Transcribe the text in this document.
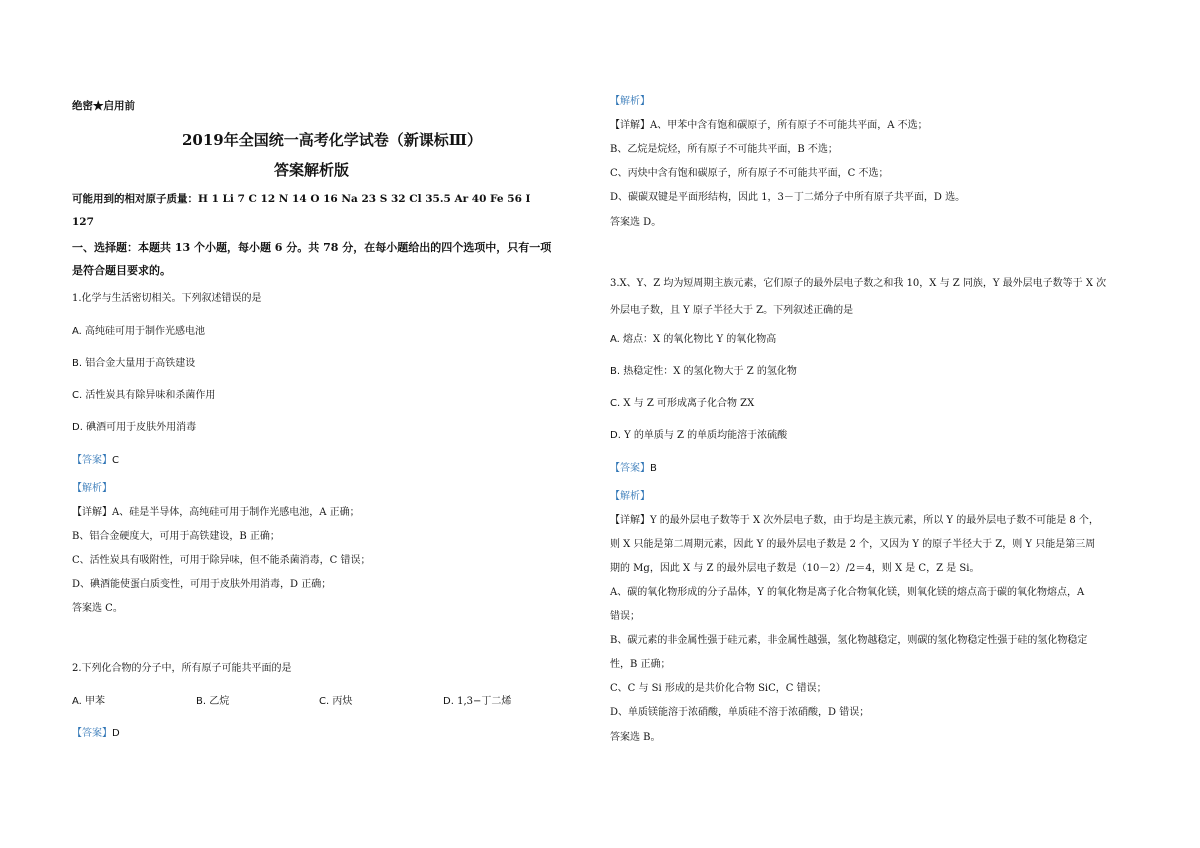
绝密★启用前
2019年全国统一高考化学试卷（新课标Ⅲ）
答案解析版
可能用到的相对原子质量：H 1 Li 7 C 12 N 14 O 16 Na 23 S 32 Cl 35.5 Ar 40 Fe 56 I
127
一、选择题：本题共 13 个小题，每小题 6 分。共 78 分，在每小题给出的四个选项中，只有一项
是符合题目要求的。
1.化学与生活密切相关。下列叙述错误的是
A. 高纯硅可用于制作光感电池
B. 铝合金大量用于高铁建设
C. 活性炭具有除异味和杀菌作用
D. 碘酒可用于皮肤外用消毒
【答案】C
【解析】
【详解】A、硅是半导体，高纯硅可用于制作光感电池，A 正确；
B、铝合金硬度大，可用于高铁建设，B 正确；
C、活性炭具有吸附性，可用于除异味，但不能杀菌消毒，C 错误；
D、碘酒能使蛋白质变性，可用于皮肤外用消毒，D 正确；
答案选 C。
2.下列化合物的分子中，所有原子可能共平面的是
A. 甲苯	B. 乙烷	C. 丙炔	D. 1,3−丁二烯
【答案】D
【解析】
【详解】A、甲苯中含有饱和碳原子，所有原子不可能共平面，A 不选；
B、乙烷是烷烃，所有原子不可能共平面，B 不选；
C、丙炔中含有饱和碳原子，所有原子不可能共平面，C 不选；
D、碳碳双键是平面形结构，因此 1，3－丁二烯分子中所有原子共平面，D 选。
答案选 D。
3.X、Y、Z 均为短周期主族元素，它们原子的最外层电子数之和我 10，X 与 Z 同族，Y 最外层电子数等于 X 次
外层电子数，且 Y 原子半径大于 Z。下列叙述正确的是
A. 熔点：X 的氧化物比 Y 的氧化物高
B. 热稳定性：X 的氢化物大于 Z 的氢化物
C. X 与 Z 可形成离子化合物 ZX
D. Y 的单质与 Z 的单质均能溶于浓硫酸
【答案】B
【解析】
【详解】Y 的最外层电子数等于 X 次外层电子数，由于均是主族元素，所以 Y 的最外层电子数不可能是 8 个，
则 X 只能是第二周期元素，因此 Y 的最外层电子数是 2 个，又因为 Y 的原子半径大于 Z，则 Y 只能是第三周
期的 Mg，因此 X 与 Z 的最外层电子数是（10－2）/2＝4，则 X 是 C，Z 是 Si。
A、碳的氧化物形成的分子晶体，Y 的氧化物是离子化合物氧化镁，则氧化镁的熔点高于碳的氧化物熔点，A
错误；
B、碳元素的非金属性强于硅元素，非金属性越强，氢化物越稳定，则碳的氢化物稳定性强于硅的氢化物稳定
性，B 正确；
C、C 与 Si 形成的是共价化合物 SiC，C 错误；
D、单质镁能溶于浓硝酸，单质硅不溶于浓硝酸，D 错误；
答案选 B。
